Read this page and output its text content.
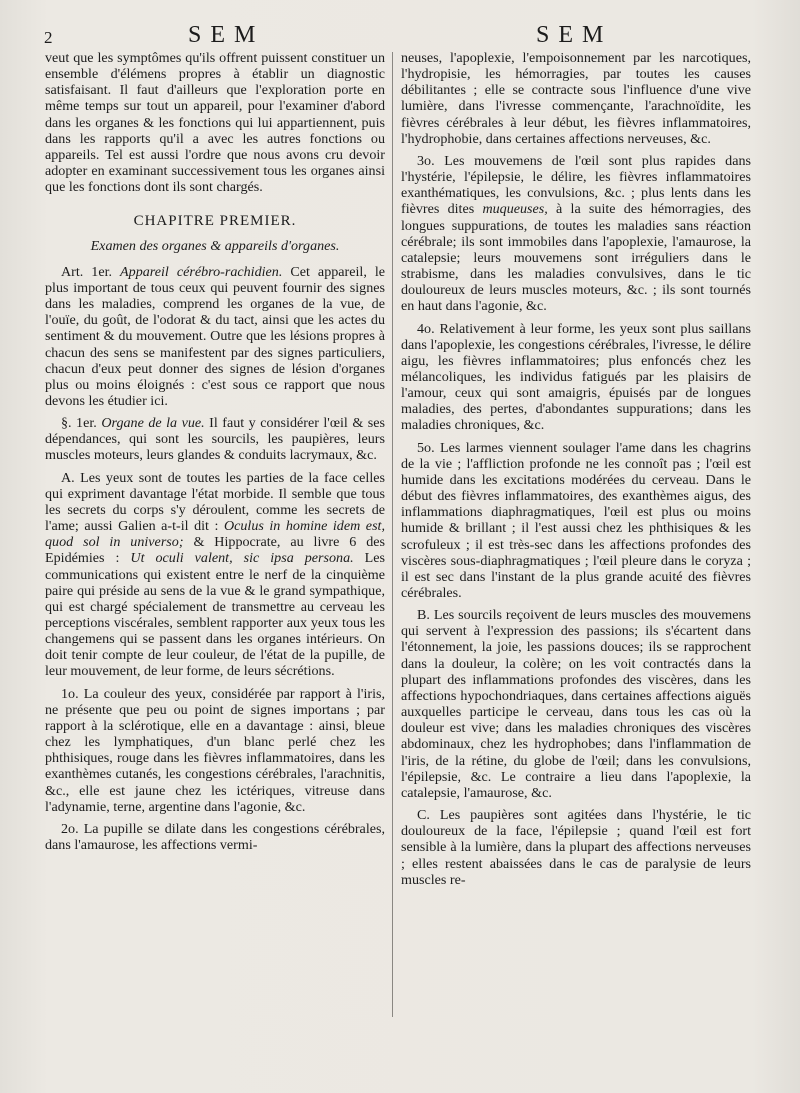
2	SEM	SEM

veut que les symptômes qu'ils offrent puissent constituer un ensemble d'élémens propres à établir un diagnostic satisfaisant. Il faut d'ailleurs que l'exploration porte en même temps sur tout un appareil, pour l'examiner d'abord dans les organes & les fonctions qui lui appartiennent, puis dans les rapports qu'il a avec les autres fonctions ou appareils. Tel est aussi l'ordre que nous avons cru devoir adopter en examinant successivement tous les organes ainsi que les fonctions dont ils sont chargés.

CHAPITRE PREMIER.
Examen des organes & appareils d'organes.

Art. 1er. Appareil cérébro-rachidien. Cet appareil, le plus important de tous ceux qui peuvent fournir des signes dans les maladies, comprend les organes de la vue, de l'ouïe, du goût, de l'odorat & du tact, ainsi que les actes du sentiment & du mouvement. Outre que les lésions propres à chacun des sens se manifestent par des signes particuliers, chacun d'eux peut donner des signes de lésion d'organes plus ou moins éloignés : c'est sous ce rapport que nous devons les étudier ici.

§. 1er. Organe de la vue. Il faut y considérer l'œil & ses dépendances, qui sont les sourcils, les paupières, leurs muscles moteurs, leurs glandes & conduits lacrymaux, &c.

A. Les yeux sont de toutes les parties de la face celles qui expriment davantage l'état morbide. Il semble que tous les secrets du corps s'y déroulent, comme les secrets de l'ame; aussi Galien a-t-il dit : Oculus in homine idem est, quod sol in universo; & Hippocrate, au livre 6 des Epidémies : Ut oculi valent, sic ipsa persona. Les communications qui existent entre le nerf de la cinquième paire qui préside au sens de la vue & le grand sympathique, qui est chargé spécialement de transmettre au cerveau les perceptions viscérales, semblent rapporter aux yeux tous les changemens qui se passent dans les organes intérieurs. On doit tenir compte de leur couleur, de l'état de la pupille, de leur mouvement, de leur forme, de leurs sécrétions.

1o. La couleur des yeux, considérée par rapport à l'iris, ne présente que peu ou point de signes importans ; par rapport à la sclérotique, elle en a davantage : ainsi, bleue chez les lymphatiques, d'un blanc perlé chez les phthisiques, rouge dans les fièvres inflammatoires, dans les exanthèmes cutanés, les congestions cérébrales, l'arachnitis, &c., elle est jaune chez les ictériques, vitreuse dans l'adynamie, terne, argentine dans l'agonie, &c.

2o. La pupille se dilate dans les congestions cérébrales, dans l'amaurose, les affections vermi-

neuses, l'apoplexie, l'empoisonnement par les narcotiques, l'hydropisie, les hémorragies, par toutes les causes débilitantes ; elle se contracte sous l'influence d'une vive lumière, dans l'ivresse commençante, l'arachnoïdite, les fièvres cérébrales à leur début, les fièvres inflammatoires, l'hydrophobie, dans certaines affections nerveuses, &c.

3o. Les mouvemens de l'œil sont plus rapides dans l'hystérie, l'épilepsie, le délire, les fièvres inflammatoires exanthématiques, les convulsions, &c. ; plus lents dans les fièvres dites muqueuses, à la suite des hémorragies, des longues suppurations, de toutes les maladies sans réaction cérébrale; ils sont immobiles dans l'apoplexie, l'amaurose, la catalepsie; leurs mouvemens sont irréguliers dans le strabisme, dans les maladies convulsives, dans le tic douloureux de leurs muscles moteurs, &c. ; ils sont tournés en haut dans l'agonie, &c.

4o. Relativement à leur forme, les yeux sont plus saillans dans l'apoplexie, les congestions cérébrales, l'ivresse, le délire aigu, les fièvres inflammatoires; plus enfoncés chez les mélancoliques, les individus fatigués par les plaisirs de l'amour, ceux qui sont amaigris, épuisés par de longues maladies, des pertes, d'abondantes suppurations; dans les maladies chroniques, &c.

5o. Les larmes viennent soulager l'ame dans les chagrins de la vie ; l'affliction profonde ne les connoît pas ; l'œil est humide dans les excitations modérées du cerveau. Dans le début des fièvres inflammatoires, des exanthèmes aigus, des inflammations diaphragmatiques, l'œil est plus ou moins humide & brillant ; il l'est aussi chez les phthisiques & les scrofuleux ; il est très-sec dans les affections profondes des viscères sous-diaphragmatiques ; l'œil pleure dans le coryza ; il est sec dans l'instant de la plus grande acuité des fièvres cérébrales.

B. Les sourcils reçoivent de leurs muscles des mouvemens qui servent à l'expression des passions; ils s'écartent dans l'étonnement, la joie, les passions douces; ils se rapprochent dans la douleur, la colère; on les voit contractés dans la plupart des inflammations profondes des viscères, dans les affections hypochondriaques, dans certaines affections aiguës auxquelles participe le cerveau, dans tous les cas où la douleur est vive; dans les maladies chroniques des viscères abdominaux, chez les hydrophobes; dans l'inflammation de l'iris, de la rétine, du globe de l'œil; dans les convulsions, l'épilepsie, &c. Le contraire a lieu dans l'apoplexie, la catalepsie, l'amaurose, &c.

C. Les paupières sont agitées dans l'hystérie, le tic douloureux de la face, l'épilepsie ; quand l'œil est fort sensible à la lumière, dans la plupart des affections nerveuses ; elles restent abaissées dans le cas de paralysie de leurs muscles re-
